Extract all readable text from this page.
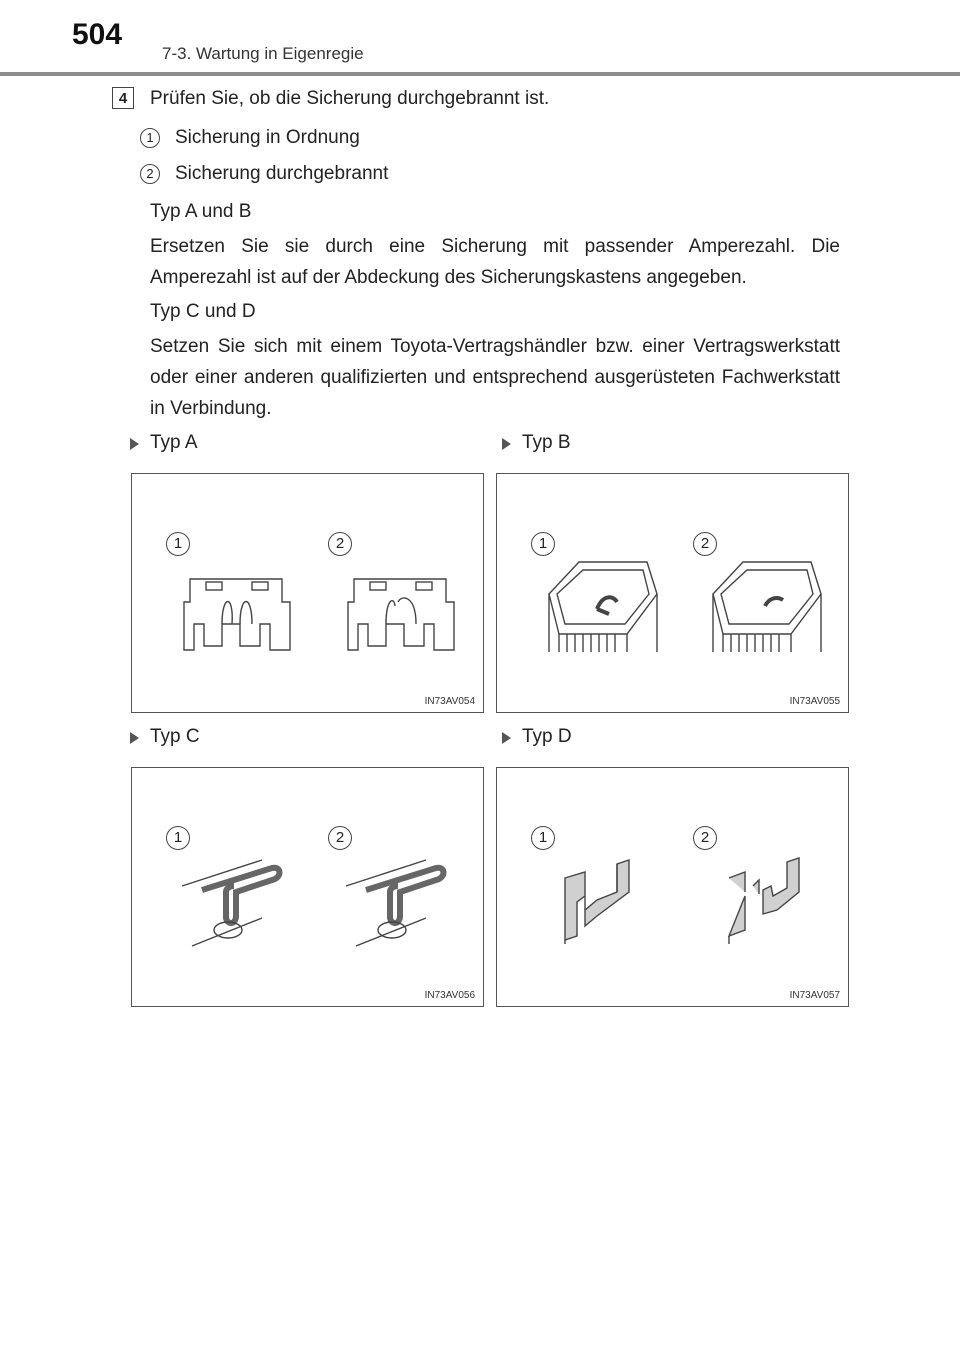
504
7-3. Wartung in Eigenregie
4	Prüfen Sie, ob die Sicherung durchgebrannt ist.
1	Sicherung in Ordnung
2	Sicherung durchgebrannt
Typ A und B
Ersetzen Sie sie durch eine Sicherung mit passender Amperezahl. Die Amperezahl ist auf der Abdeckung des Sicherungskastens angegeben.
Typ C und D
Setzen Sie sich mit einem Toyota-Vertragshändler bzw. einer Vertragswerkstatt oder einer anderen qualifizierten und entsprechend ausgerüsteten Fachwerkstatt in Verbindung.
Typ A	Typ B
1	2
IN73AV054
1	2
IN73AV055
Typ C	Typ D
1	2
IN73AV056
1	2
IN73AV057
